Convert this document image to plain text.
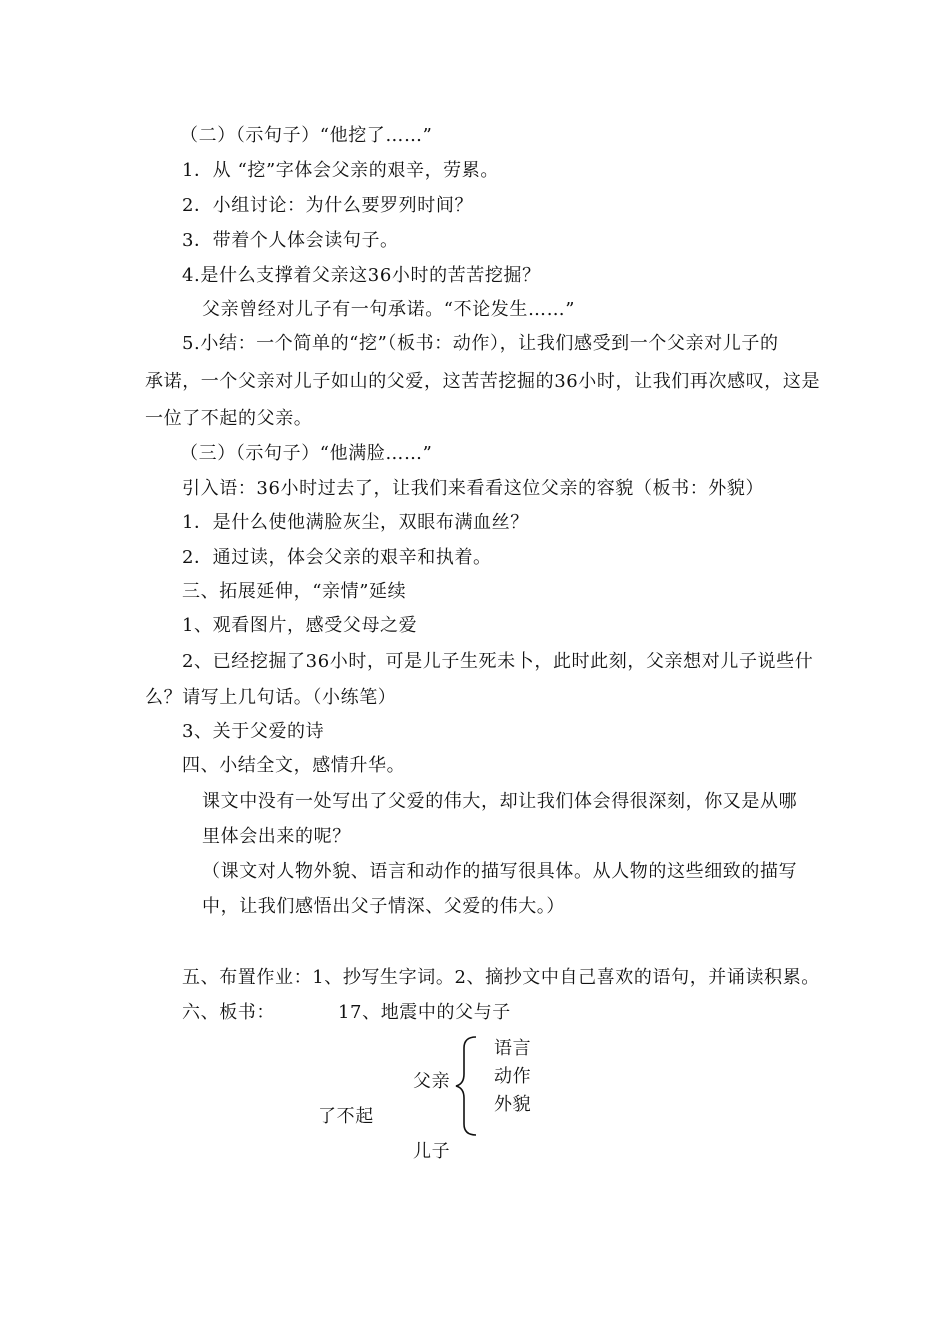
（二）（示句子）“他挖了……”
1．从 “挖”字体会父亲的艰辛，劳累。
2．小组讨论：为什么要罗列时间？
3．带着个人体会读句子。
4.是什么支撑着父亲这36小时的苦苦挖掘？
父亲曾经对儿子有一句承诺。“不论发生……”
5.小结：一个简单的“挖”（板书：动作），让我们感受到一个父亲对儿子的
承诺，一个父亲对儿子如山的父爱，这苦苦挖掘的36小时，让我们再次感叹，这是
一位了不起的父亲。
（三）（示句子）“他满脸……”
引入语：36小时过去了，让我们来看看这位父亲的容貌（板书：外貌）
1．是什么使他满脸灰尘，双眼布满血丝？
2．通过读，体会父亲的艰辛和执着。
三、拓展延伸，“亲情”延续
1、观看图片，感受父母之爱
2、已经挖掘了36小时，可是儿子生死未卜，此时此刻，父亲想对儿子说些什
么？请写上几句话。（小练笔）
3、关于父爱的诗
四、小结全文，感情升华。
课文中没有一处写出了父爱的伟大，却让我们体会得很深刻，你又是从哪
里体会出来的呢？
（课文对人物外貌、语言和动作的描写很具体。从人物的这些细致的描写
中，让我们感悟出父子情深、父爱的伟大。）
五、布置作业：1、抄写生字词。2、摘抄文中自己喜欢的语句，并诵读积累。
六、板书：	17、地震中的父与子
父亲
语言
动作
外貌
了不起
儿子
